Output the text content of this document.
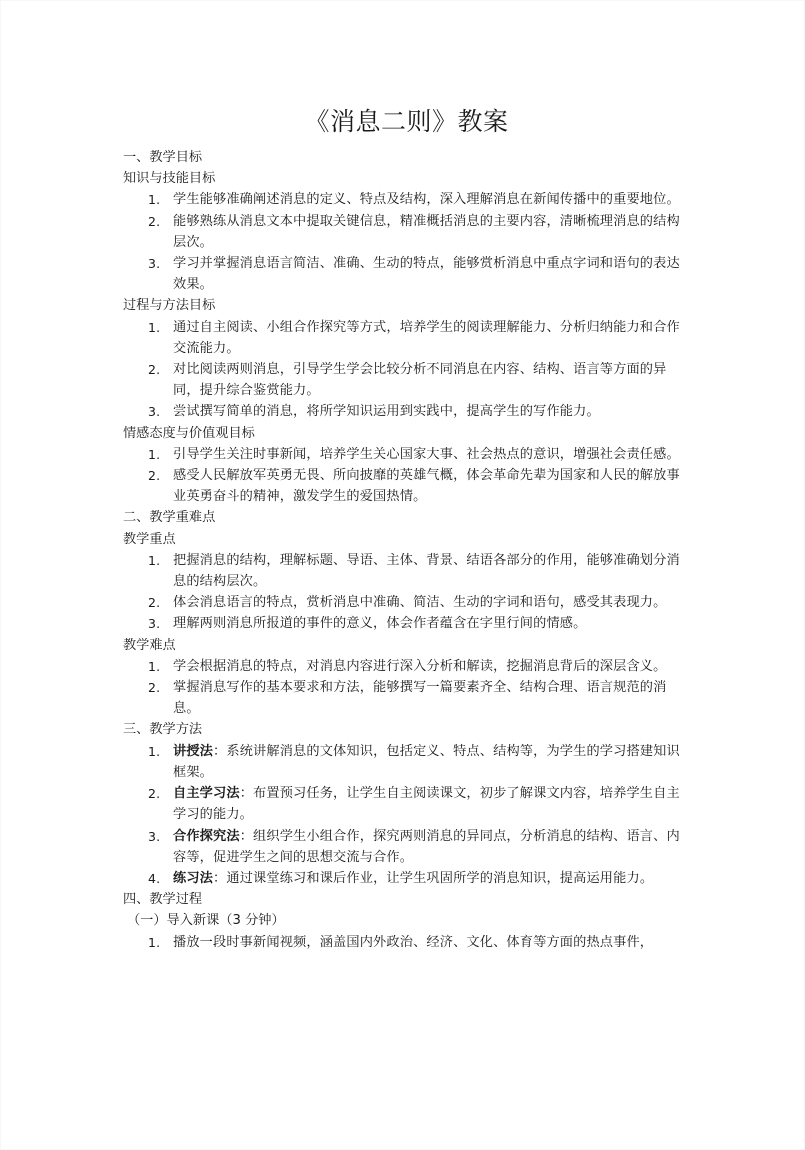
《消息二则》教案
一、教学目标
知识与技能目标
1. 学生能够准确阐述消息的定义、特点及结构，深入理解消息在新闻传播中的重要地位。
2. 能够熟练从消息文本中提取关键信息，精准概括消息的主要内容，清晰梳理消息的结构层次。
3. 学习并掌握消息语言简洁、准确、生动的特点，能够赏析消息中重点字词和语句的表达效果。
过程与方法目标
1. 通过自主阅读、小组合作探究等方式，培养学生的阅读理解能力、分析归纳能力和合作交流能力。
2. 对比阅读两则消息，引导学生学会比较分析不同消息在内容、结构、语言等方面的异同，提升综合鉴赏能力。
3. 尝试撰写简单的消息，将所学知识运用到实践中，提高学生的写作能力。
情感态度与价值观目标
1. 引导学生关注时事新闻，培养学生关心国家大事、社会热点的意识，增强社会责任感。
2. 感受人民解放军英勇无畏、所向披靡的英雄气概，体会革命先辈为国家和人民的解放事业英勇奋斗的精神，激发学生的爱国热情。
二、教学重难点
教学重点
1. 把握消息的结构，理解标题、导语、主体、背景、结语各部分的作用，能够准确划分消息的结构层次。
2. 体会消息语言的特点，赏析消息中准确、简洁、生动的字词和语句，感受其表现力。
3. 理解两则消息所报道的事件的意义，体会作者蕴含在字里行间的情感。
教学难点
1. 学会根据消息的特点，对消息内容进行深入分析和解读，挖掘消息背后的深层含义。
2. 掌握消息写作的基本要求和方法，能够撰写一篇要素齐全、结构合理、语言规范的消息。
三、教学方法
1. 讲授法：系统讲解消息的文体知识，包括定义、特点、结构等，为学生的学习搭建知识框架。
2. 自主学习法：布置预习任务，让学生自主阅读课文，初步了解课文内容，培养学生自主学习的能力。
3. 合作探究法：组织学生小组合作，探究两则消息的异同点，分析消息的结构、语言、内容等，促进学生之间的思想交流与合作。
4. 练习法：通过课堂练习和课后作业，让学生巩固所学的消息知识，提高运用能力。
四、教学过程
（一）导入新课（3 分钟）
1. 播放一段时事新闻视频，涵盖国内外政治、经济、文化、体育等方面的热点事件，
